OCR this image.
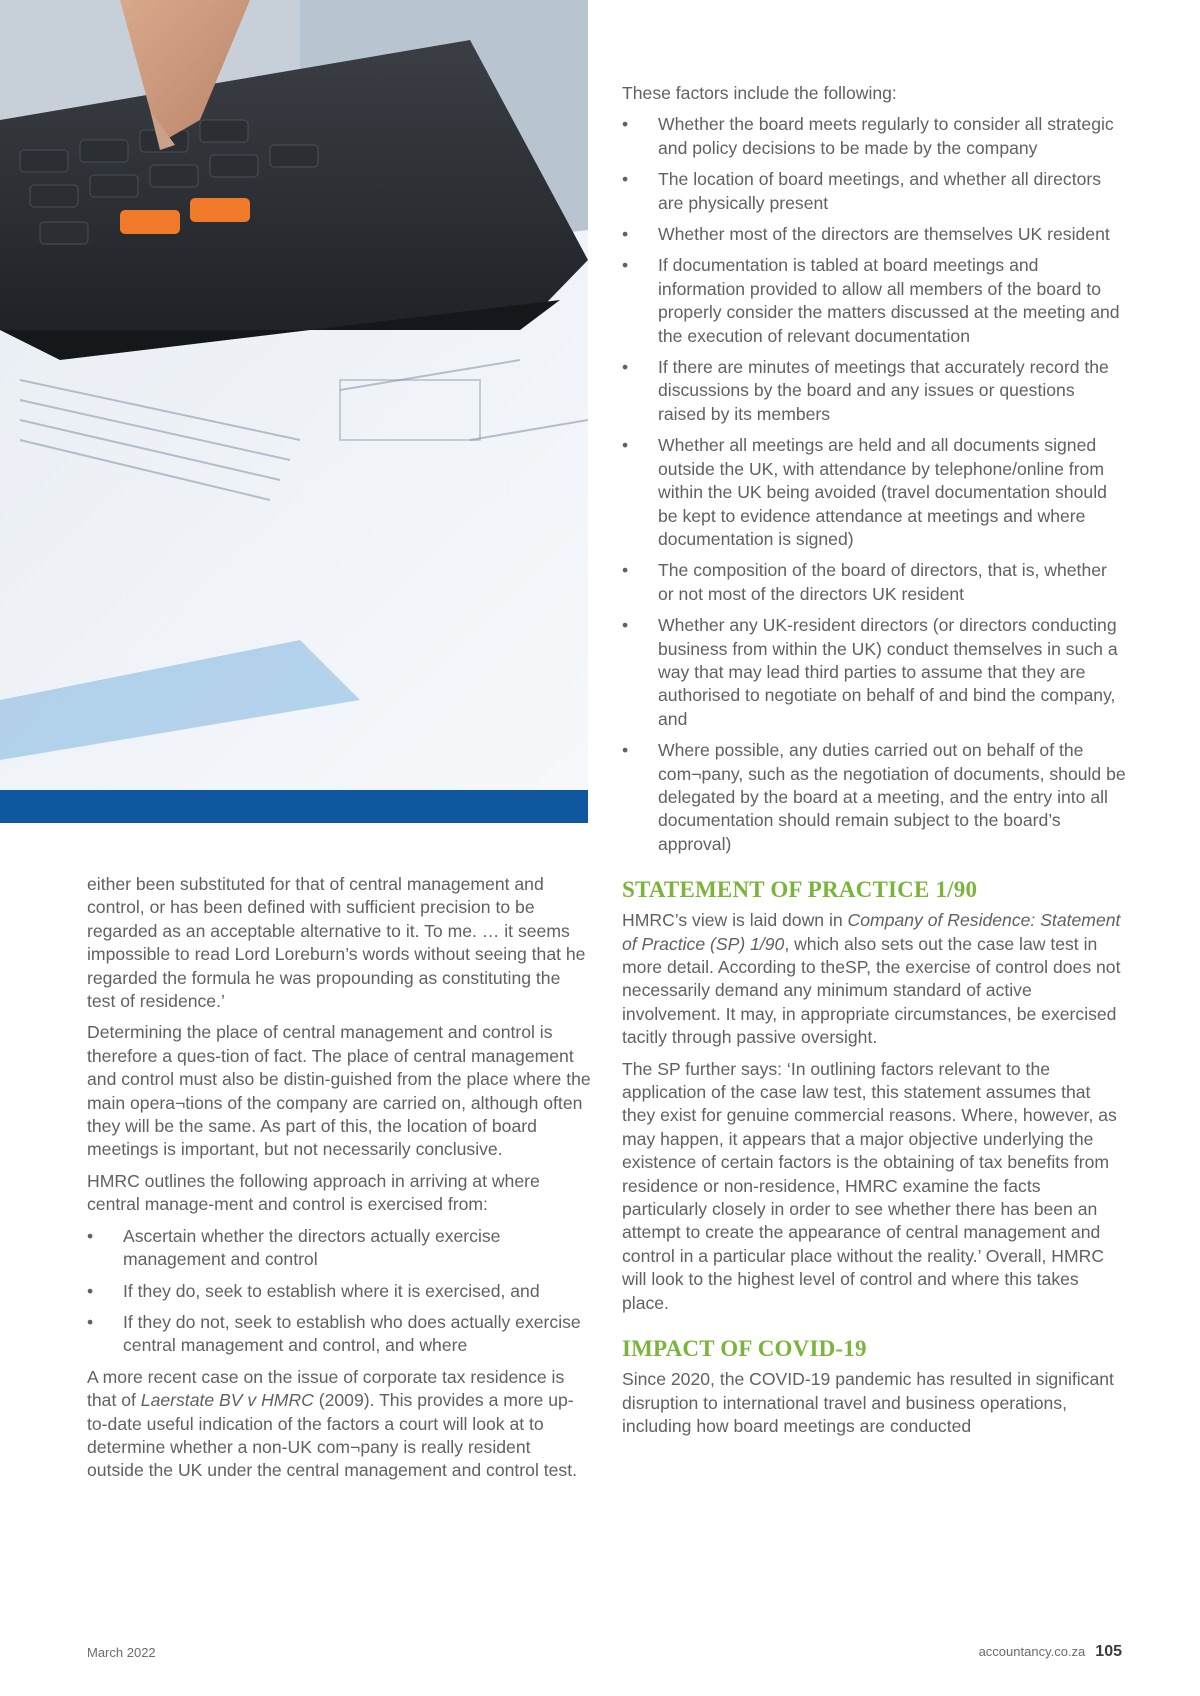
either been substituted for that of central management and control, or has been defined with sufficient precision to be regarded as an acceptable alternative to it. To me. … it seems impossible to read Lord Loreburn’s words without seeing that he regarded the formula he was propounding as constituting the test of residence.’

Determining the place of central management and control is therefore a ques-tion of fact. The place of central management and control must also be distin-guished from the place where the main opera¬tions of the company are carried on, although often they will be the same. As part of this, the location of board meetings is important, but not necessarily conclusive.

HMRC outlines the following approach in arriving at where central manage-ment and control is exercised from:

• Ascertain whether the directors actually exercise management and control
• If they do, seek to establish where it is exercised, and
• If they do not, seek to establish who does actually exercise central management and control, and where

A more recent case on the issue of corporate tax residence is that of Laerstate BV v HMRC (2009). This provides a more up-to-date useful indication of the factors a court will look at to determine whether a non-UK com¬pany is really resident outside the UK under the central management and control test.

These factors include the following:

• Whether the board meets regularly to consider all strategic and policy decisions to be made by the company
• The location of board meetings, and whether all directors are physically present
• Whether most of the directors are themselves UK resident
• If documentation is tabled at board meetings and information provided to allow all members of the board to properly consider the matters discussed at the meeting and the execution of relevant documentation
• If there are minutes of meetings that accurately record the discussions by the board and any issues or questions raised by its members
• Whether all meetings are held and all documents signed outside the UK, with attendance by telephone/online from within the UK being avoided (travel documentation should be kept to evidence attendance at meetings and where documentation is signed)
• The composition of the board of directors, that is, whether or not most of the directors UK resident
• Whether any UK-resident directors (or directors conducting business from within the UK) conduct themselves in such a way that may lead third parties to assume that they are authorised to negotiate on behalf of and bind the company, and
• Where possible, any duties carried out on behalf of the com¬pany, such as the negotiation of documents, should be delegated by the board at a meeting, and the entry into all documentation should remain subject to the board’s approval)
STATEMENT OF PRACTICE 1/90

HMRC’s view is laid down in Company of Residence: Statement of Practice (SP) 1/90, which also sets out the case law test in more detail. According to theSP, the exercise of control does not necessarily demand any minimum standard of active involvement. It may, in appropriate circumstances, be exercised tacitly through passive oversight.

The SP further says: ‘In outlining factors relevant to the application of the case law test, this statement assumes that they exist for genuine commercial reasons. Where, however, as may happen, it appears that a major objective underlying the existence of certain factors is the obtaining of tax benefits from residence or non-residence, HMRC examine the facts particularly closely in order to see whether there has been an attempt to create the appearance of central management and control in a particular place without the reality.’ Overall, HMRC will look to the highest level of control and where this takes place.

IMPACT OF COVID-19

Since 2020, the COVID-19 pandemic has resulted in significant disruption to international travel and business operations, including how board meetings are conducted

March 2022	accountancy.co.za 105
